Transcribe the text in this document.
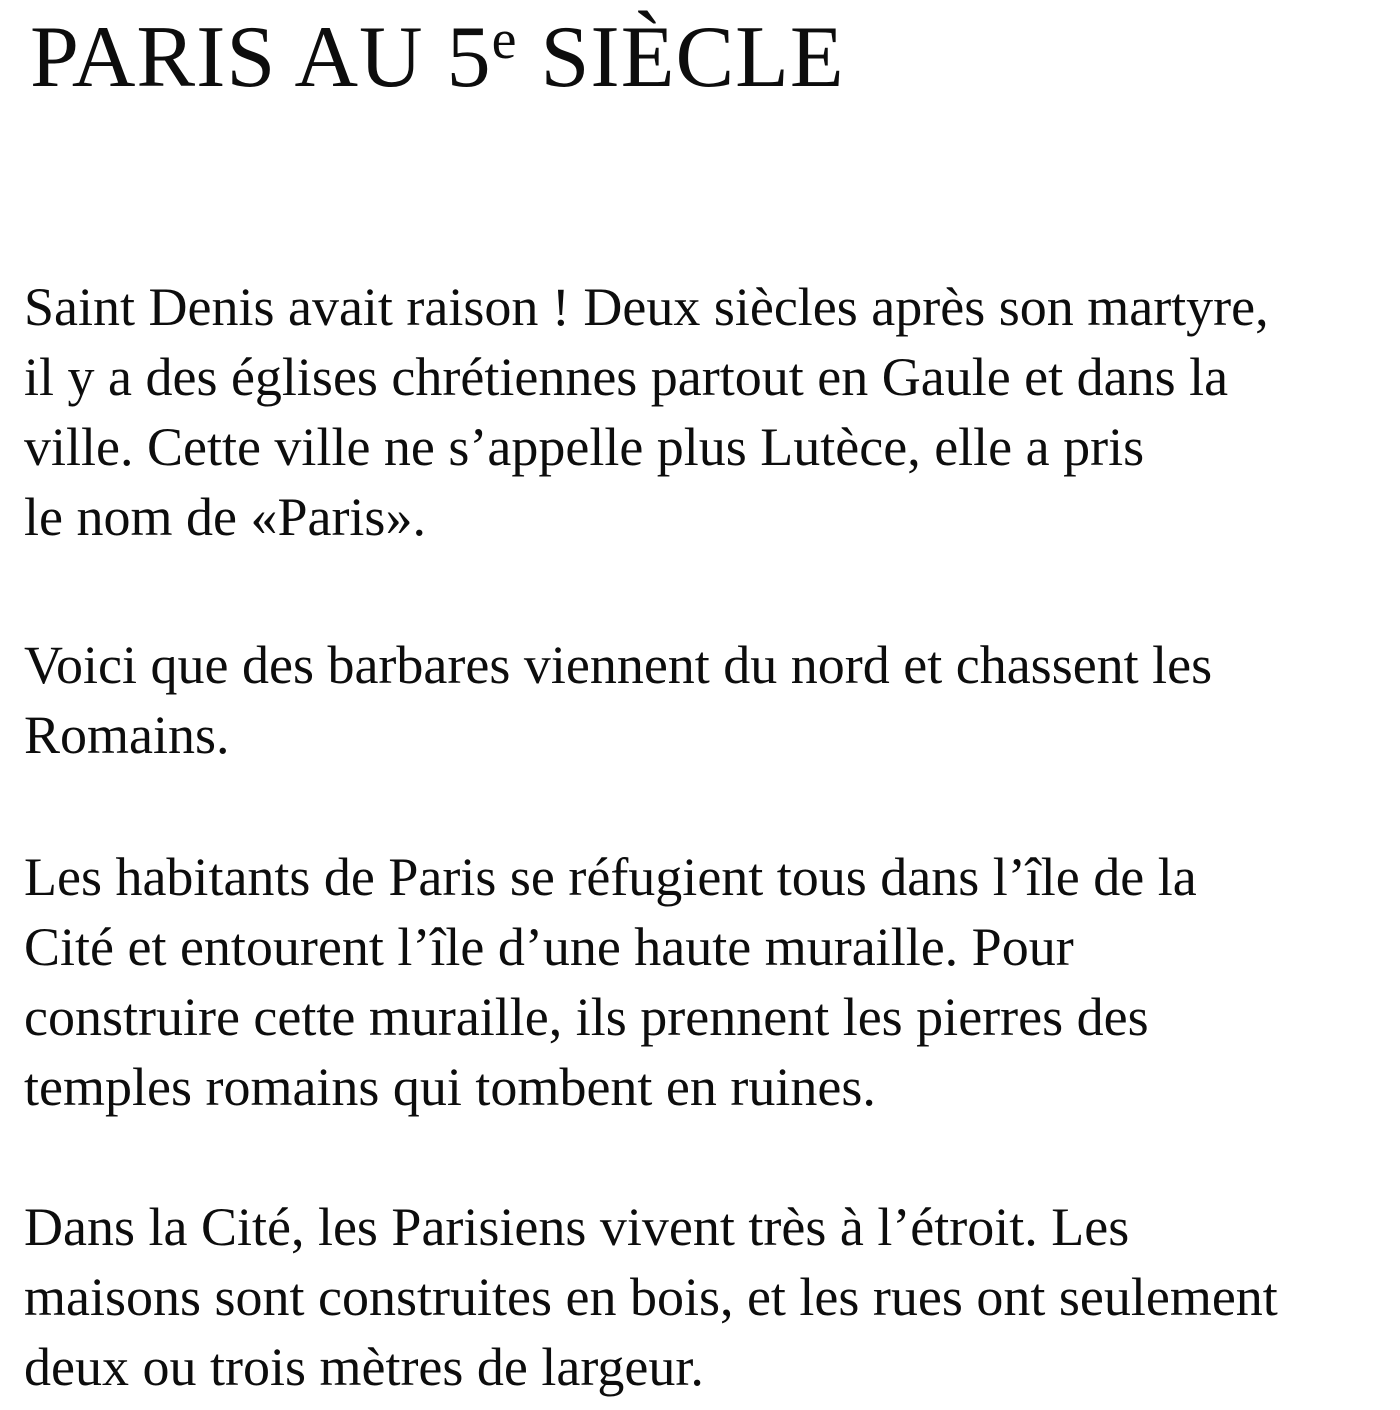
PARIS AU 5e SIÈCLE

Saint Denis avait raison ! Deux siècles après son martyre,
il y a des églises chrétiennes partout en Gaule et dans la
ville. Cette ville ne s’appelle plus Lutèce, elle a pris
le nom de «Paris».

Voici que des barbares viennent du nord et chassent les
Romains.

Les habitants de Paris se réfugient tous dans l’île de la
Cité et entourent l’île d’une haute muraille. Pour
construire cette muraille, ils prennent les pierres des
temples romains qui tombent en ruines.

Dans la Cité, les Parisiens vivent très à l’étroit. Les
maisons sont construites en bois, et les rues ont seulement
deux ou trois mètres de largeur.
